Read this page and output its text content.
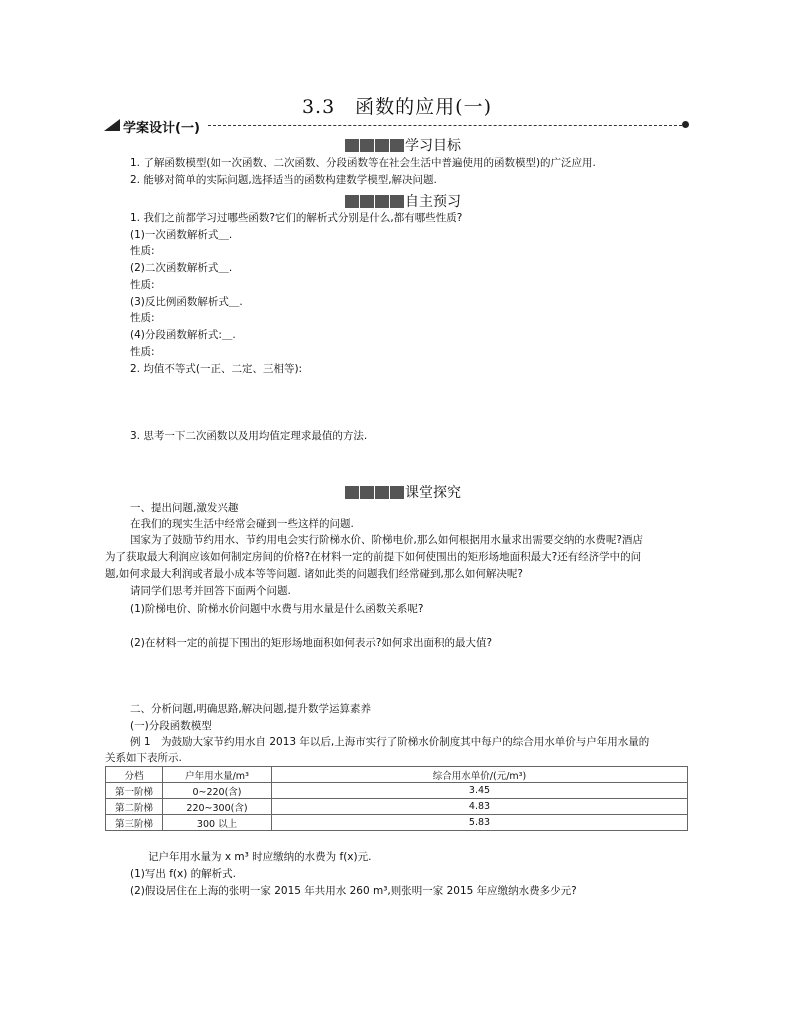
3.3　函数的应用(一)
学案设计(一)
学习目标
1. 了解函数模型(如一次函数、二次函数、分段函数等在社会生活中普遍使用的函数模型)的广泛应用.
2. 能够对简单的实际问题,选择适当的函数构建数学模型,解决问题.
自主预习
1. 我们之前都学习过哪些函数?它们的解析式分别是什么,都有哪些性质?
(1)一次函数解析式＿.
性质:
(2)二次函数解析式＿.
性质:
(3)反比例函数解析式＿.
性质:
(4)分段函数解析式:＿.
性质:
2. 均值不等式(一正、二定、三相等):
3. 思考一下二次函数以及用均值定理求最值的方法.
课堂探究
一、提出问题,激发兴趣
在我们的现实生活中经常会碰到一些这样的问题.
国家为了鼓励节约用水、节约用电会实行阶梯水价、阶梯电价,那么如何根据用水量求出需要交纳的水费呢?酒店
为了获取最大利润应该如何制定房间的价格?在材料一定的前提下如何使围出的矩形场地面积最大?还有经济学中的问
题,如何求最大利润或者最小成本等等问题. 诸如此类的问题我们经常碰到,那么如何解决呢?
请同学们思考并回答下面两个问题.
(1)阶梯电价、阶梯水价问题中水费与用水量是什么函数关系呢?
(2)在材料一定的前提下围出的矩形场地面积如何表示?如何求出面积的最大值?
二、分析问题,明确思路,解决问题,提升数学运算素养
(一)分段函数模型
例 1　为鼓励大家节约用水自 2013 年以后,上海市实行了阶梯水价制度其中每户的综合用水单价与户年用水量的
关系如下表所示.
分档	户年用水量/m³	综合用水单价/(元/m³)
第一阶梯	0~220(含)	3.45
第二阶梯	220~300(含)	4.83
第三阶梯	300 以上	5.83
记户年用水量为 x m³ 时应缴纳的水费为 f(x)元.
(1)写出 f(x) 的解析式.
(2)假设居住在上海的张明一家 2015 年共用水 260 m³,则张明一家 2015 年应缴纳水费多少元?
